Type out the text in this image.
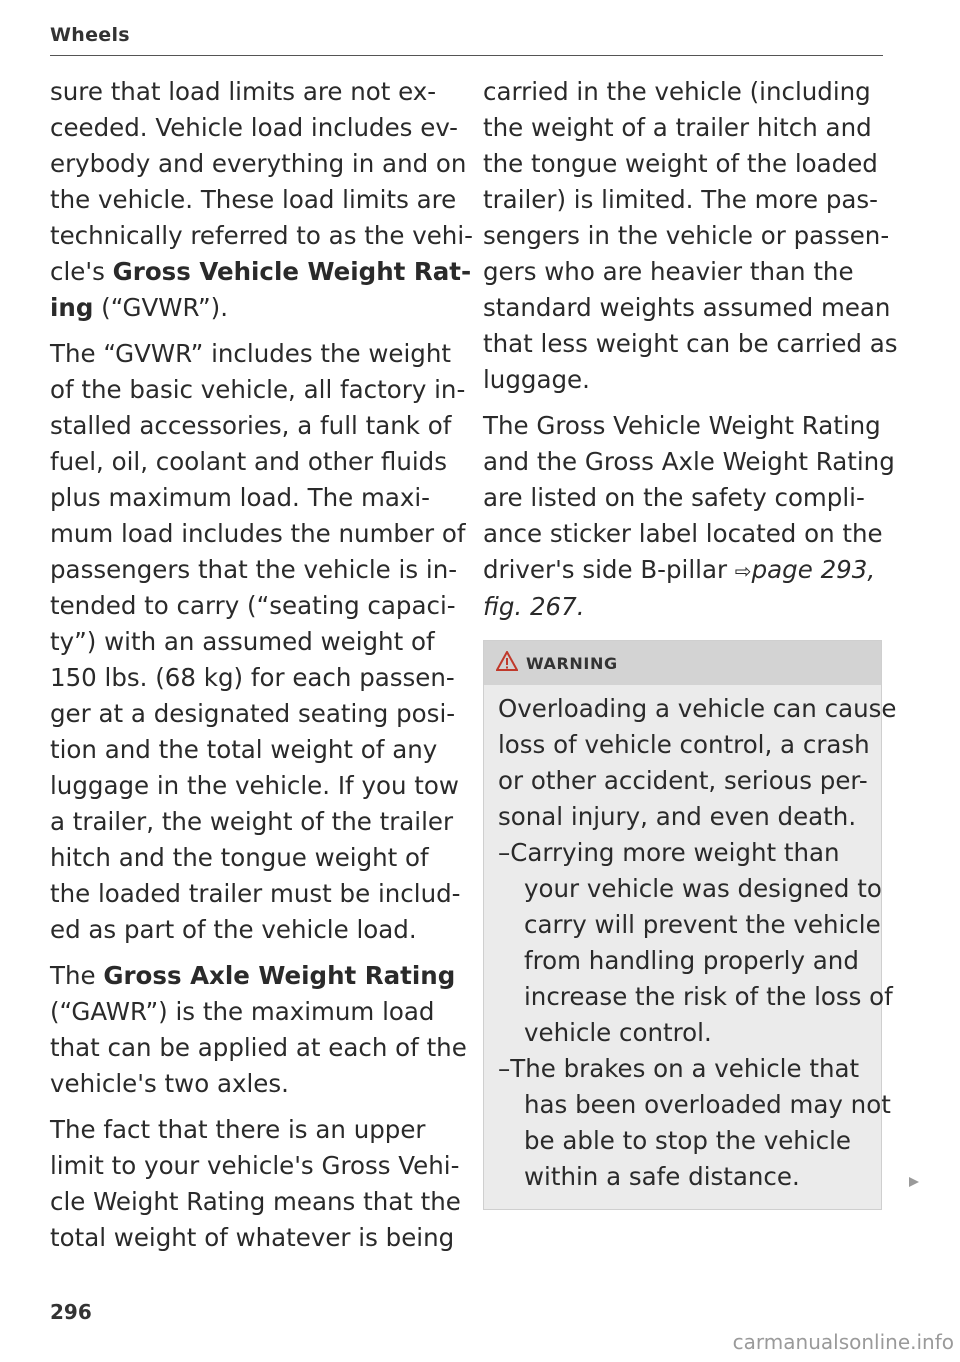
Wheels
sure that load limits are not ex-
ceeded. Vehicle load includes ev-
erybody and everything in and on
the vehicle. These load limits are
technically referred to as the vehi-
cle's Gross Vehicle Weight Rat-
ing (“GVWR”).
The “GVWR” includes the weight
of the basic vehicle, all factory in-
stalled accessories, a full tank of
fuel, oil, coolant and other fluids
plus maximum load. The maxi-
mum load includes the number of
passengers that the vehicle is in-
tended to carry (“seating capaci-
ty”) with an assumed weight of
150 lbs. (68 kg) for each passen-
ger at a designated seating posi-
tion and the total weight of any
luggage in the vehicle. If you tow
a trailer, the weight of the trailer
hitch and the tongue weight of
the loaded trailer must be includ-
ed as part of the vehicle load.
The Gross Axle Weight Rating
(“GAWR”) is the maximum load
that can be applied at each of the
vehicle's two axles.
The fact that there is an upper
limit to your vehicle's Gross Vehi-
cle Weight Rating means that the
total weight of whatever is being
carried in the vehicle (including
the weight of a trailer hitch and
the tongue weight of the loaded
trailer) is limited. The more pas-
sengers in the vehicle or passen-
gers who are heavier than the
standard weights assumed mean
that less weight can be carried as
luggage.
The Gross Vehicle Weight Rating
and the Gross Axle Weight Rating
are listed on the safety compli-
ance sticker label located on the
driver's side B-pillar ⇨page 293,
fig. 267.
WARNING
Overloading a vehicle can cause
loss of vehicle control, a crash
or other accident, serious per-
sonal injury, and even death.
–Carrying more weight than
your vehicle was designed to
carry will prevent the vehicle
from handling properly and
increase the risk of the loss of
vehicle control.
–The brakes on a vehicle that
has been overloaded may not
be able to stop the vehicle
within a safe distance.
296
carmanualsonline.info
